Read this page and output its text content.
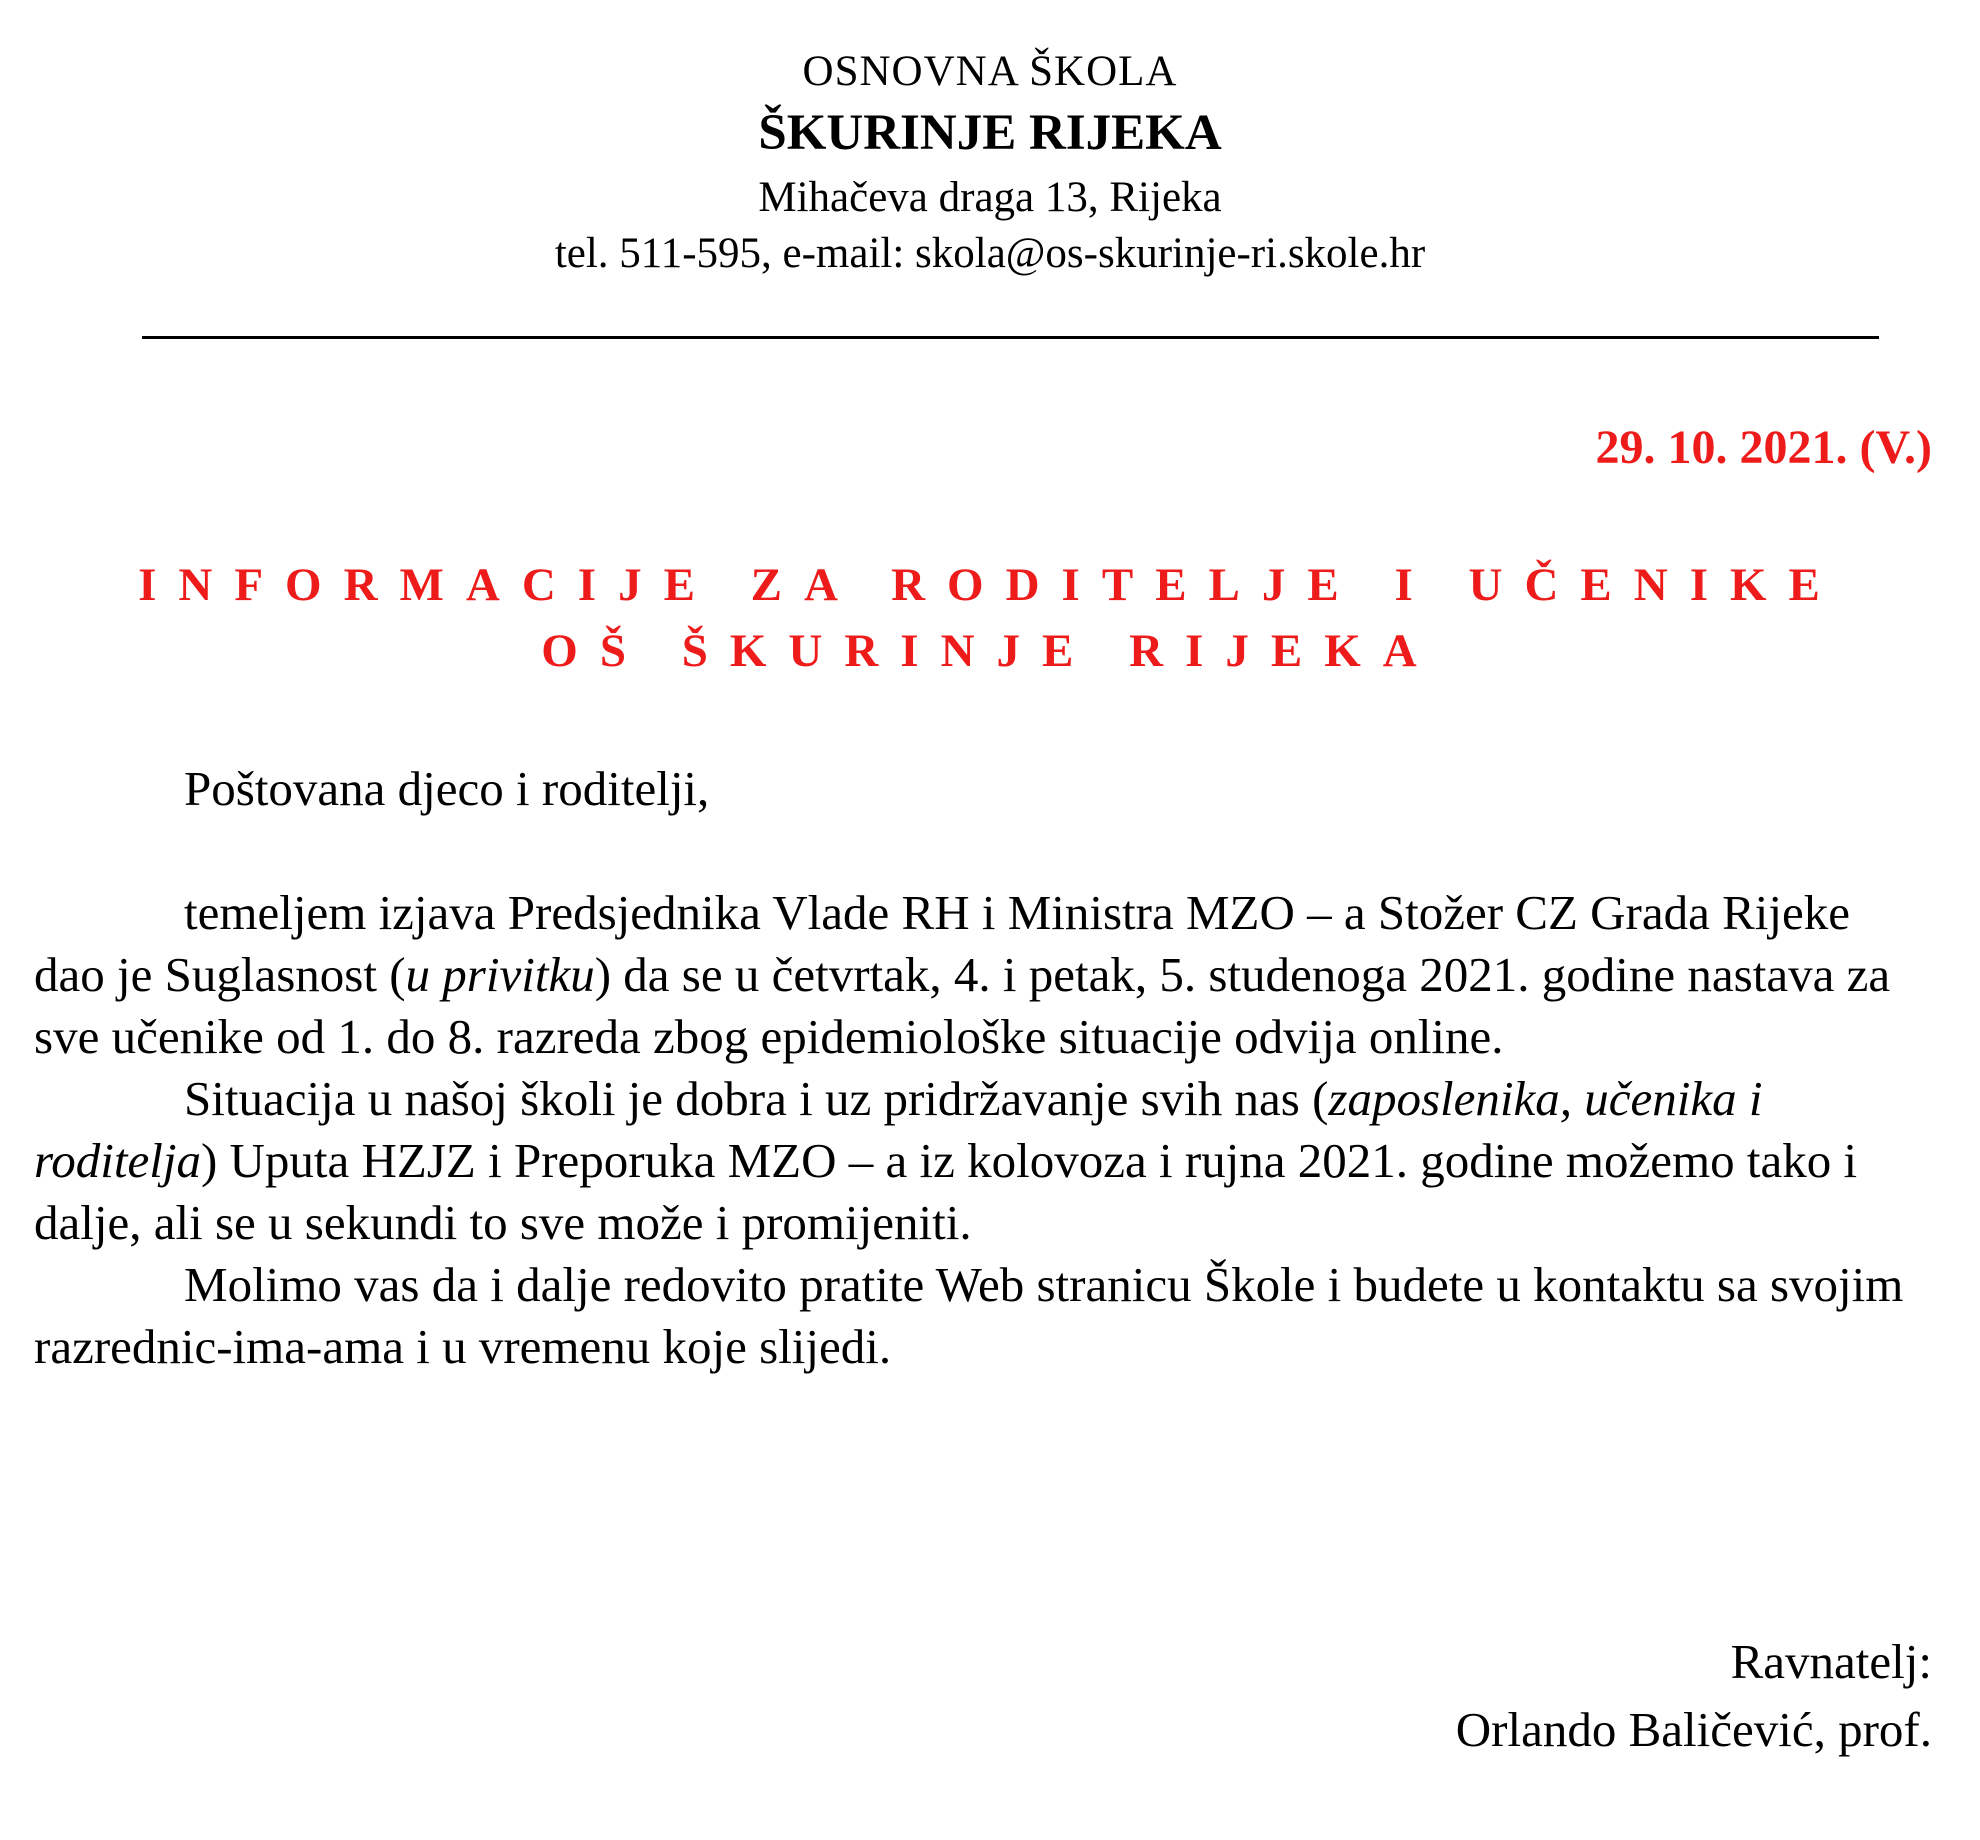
OSNOVNA ŠKOLA
ŠKURINJE RIJEKA
Mihačeva draga 13, Rijeka
tel. 511-595, e-mail: skola@os-skurinje-ri.skole.hr
29. 10. 2021. (V.)
INFORMACIJE ZA RODITELJE I UČENIKE
OŠ ŠKURINJE RIJEKA

Poštovana djeco i roditelji,

temeljem izjava Predsjednika Vlade RH i Ministra MZO – a Stožer CZ Grada Rijeke dao je Suglasnost (u privitku) da se u četvrtak, 4. i petak, 5. studenoga 2021. godine nastava za sve učenike od 1. do 8. razreda zbog epidemiološke situacije odvija online.

Situacija u našoj školi je dobra i uz pridržavanje svih nas (zaposlenika, učenika i roditelja) Uputa HZJZ i Preporuka MZO – a iz kolovoza i rujna 2021. godine možemo tako i dalje, ali se u sekundi to sve može i promijeniti.

Molimo vas da i dalje redovito pratite Web stranicu Škole i budete u kontaktu sa svojim razrednic-ima-ama i u vremenu koje slijedi.

Ravnatelj:
Orlando Baličević, prof.
